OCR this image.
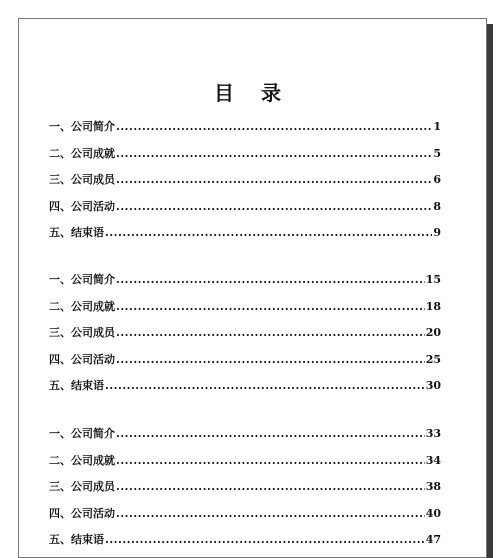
目 录
一、公司简介 .....	1
二、公司成就 .....	5
三、公司成员 .....	6
四、公司活动 .....	8
五、结束语 .....	9
一、公司简介 .....	15
二、公司成就 .....	18
三、公司成员 .....	20
四、公司活动 .....	25
五、结束语 .....	30
一、公司简介 .....	33
二、公司成就 .....	34
三、公司成员 .....	38
四、公司活动 .....	40
五、结束语 .....	47
